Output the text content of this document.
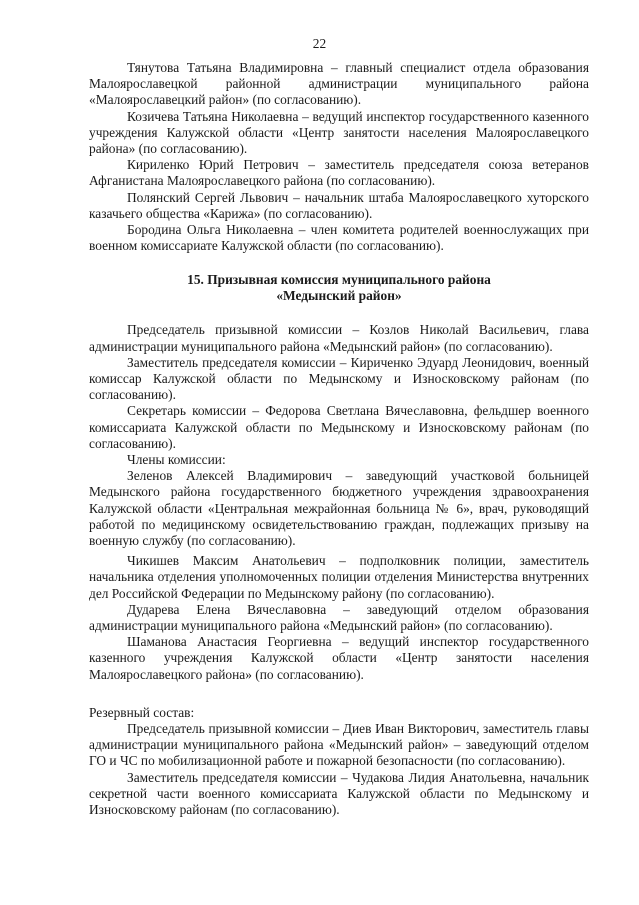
22

Тянутова Татьяна Владимировна – главный специалист отдела образования Малоярославецкой районной администрации муниципального района «Малоярославецкий район» (по согласованию).

Козичева Татьяна Николаевна – ведущий инспектор государственного казенного учреждения Калужской области «Центр занятости населения Малоярославецкого района» (по согласованию).

Кириленко Юрий Петрович – заместитель председателя союза ветеранов Афганистана Малоярославецкого района (по согласованию).

Полянский Сергей Львович – начальник штаба Малоярославецкого хуторского казачьего общества «Карижа» (по согласованию).

Бородина Ольга Николаевна – член комитета родителей военнослужащих при военном комиссариате Калужской области (по согласованию).

15. Призывная комиссия муниципального района
«Медынский район»

Председатель призывной комиссии – Козлов Николай Васильевич, глава администрации муниципального района «Медынский район» (по согласованию).

Заместитель председателя комиссии – Кириченко Эдуард Леонидович, военный комиссар Калужской области по Медынскому и Износковскому районам (по согласованию).

Секретарь комиссии – Федорова Светлана Вячеславовна, фельдшер военного комиссариата Калужской области по Медынскому и Износковскому районам (по согласованию).

Члены комиссии:

Зеленов Алексей Владимирович – заведующий участковой больницей Медынского района государственного бюджетного учреждения здравоохранения Калужской области «Центральная межрайонная больница № 6», врач, руководящий работой по медицинскому освидетельствованию граждан, подлежащих призыву на военную службу (по согласованию).

Чикишев Максим Анатольевич – подполковник полиции, заместитель начальника отделения уполномоченных полиции отделения Министерства внутренних дел Российской Федерации по Медынскому району (по согласованию).

Дударева Елена Вячеславовна – заведующий отделом образования администрации муниципального района «Медынский район» (по согласованию).

Шаманова Анастасия Георгиевна – ведущий инспектор государственного казенного учреждения Калужской области «Центр занятости населения Малоярославецкого района» (по согласованию).

Резервный состав:

Председатель призывной комиссии – Диев Иван Викторович, заместитель главы администрации муниципального района «Медынский район» – заведующий отделом ГО и ЧС по мобилизационной работе и пожарной безопасности (по согласованию).

Заместитель председателя комиссии – Чудакова Лидия Анатольевна, начальник секретной части военного комиссариата Калужской области по Медынскому и Износковскому районам (по согласованию).
